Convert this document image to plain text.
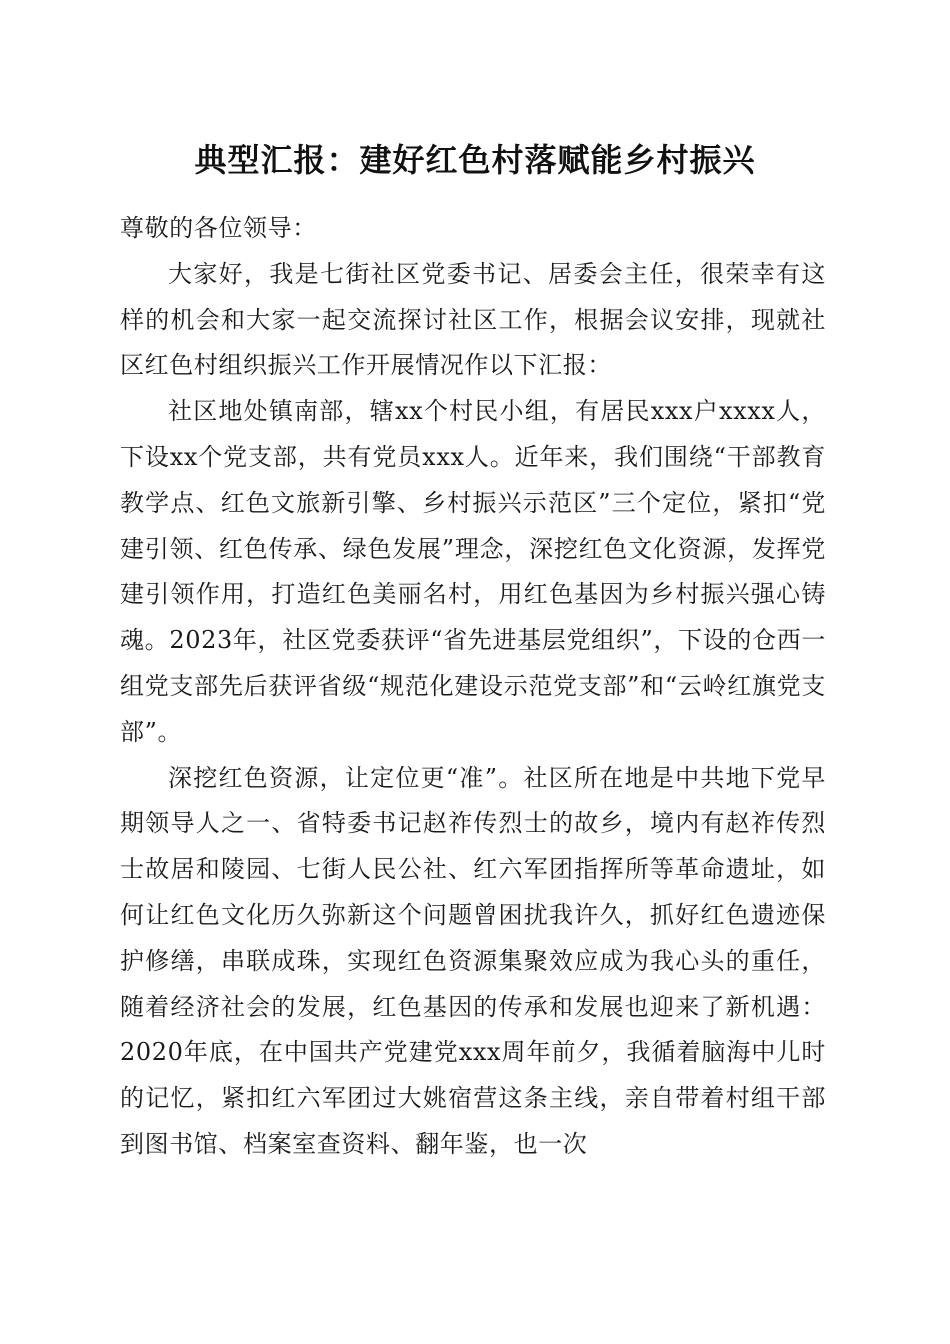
典型汇报：建好红色村落赋能乡村振兴

尊敬的各位领导：

大家好，我是七街社区党委书记、居委会主任，很荣幸有这样的机会和大家一起交流探讨社区工作，根据会议安排，现就社区红色村组织振兴工作开展情况作以下汇报：

社区地处镇南部，辖xx个村民小组，有居民xxx户xxxx人，下设xx个党支部，共有党员xxx人。近年来，我们围绕“干部教育教学点、红色文旅新引擎、乡村振兴示范区”三个定位，紧扣“党建引领、红色传承、绿色发展”理念，深挖红色文化资源，发挥党建引领作用，打造红色美丽名村，用红色基因为乡村振兴强心铸魂。2023年，社区党委获评“省先进基层党组织”，下设的仓西一组党支部先后获评省级“规范化建设示范党支部”和“云岭红旗党支部”。

深挖红色资源，让定位更“准”。社区所在地是中共地下党早期领导人之一、省特委书记赵祚传烈士的故乡，境内有赵祚传烈士故居和陵园、七街人民公社、红六军团指挥所等革命遗址，如何让红色文化历久弥新这个问题曾困扰我许久，抓好红色遗迹保护修缮，串联成珠，实现红色资源集聚效应成为我心头的重任，随着经济社会的发展，红色基因的传承和发展也迎来了新机遇：2020年底，在中国共产党建党xxx周年前夕，我循着脑海中儿时的记忆，紧扣红六军团过大姚宿营这条主线，亲自带着村组干部到图书馆、档案室查资料、翻年鉴，也一次
